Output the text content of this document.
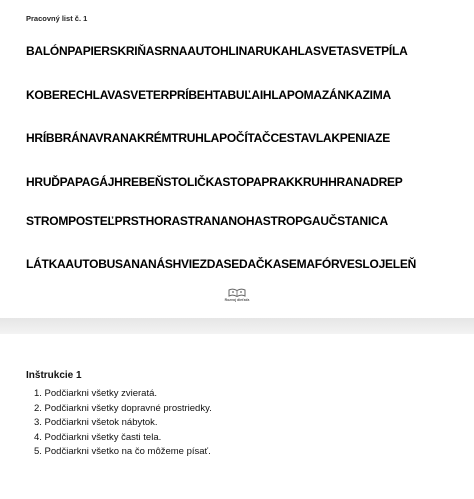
Pracovný list č. 1
BALÓNPAPIERSKRIŇASRNAAUTOHLINARUKAHLASVETASVETPÍLA
KOBERECHLAVASVETERPRÍBEHTABUĽAIHLAPOMAZÁNKAZIMA
HRÍBBRÁNAVRANAKRÉMTRUHLAPOČÍTAČCESTAVLAKPENIAZE
HRUĎPAPAGÁJHREBEŇSTOLIČKASTOPAPRAKKRUHHRANADREP
STROMPOSTEĽPRSTHORASTRANANOHASTROPGAUČSTANICA
LÁTKAAUTOBUSANANÁSHVIEZDASEDAČKASEMAFÓRVESLOJELEŇ
Rozvoj dieťaťa
Inštrukcie 1
1. Podčiarkni všetky zvieratá.
2. Podčiarkni všetky dopravné prostriedky.
3. Podčiarkni všetok nábytok.
4. Podčiarkni všetky časti tela.
5. Podčiarkni všetko na čo môžeme písať.
